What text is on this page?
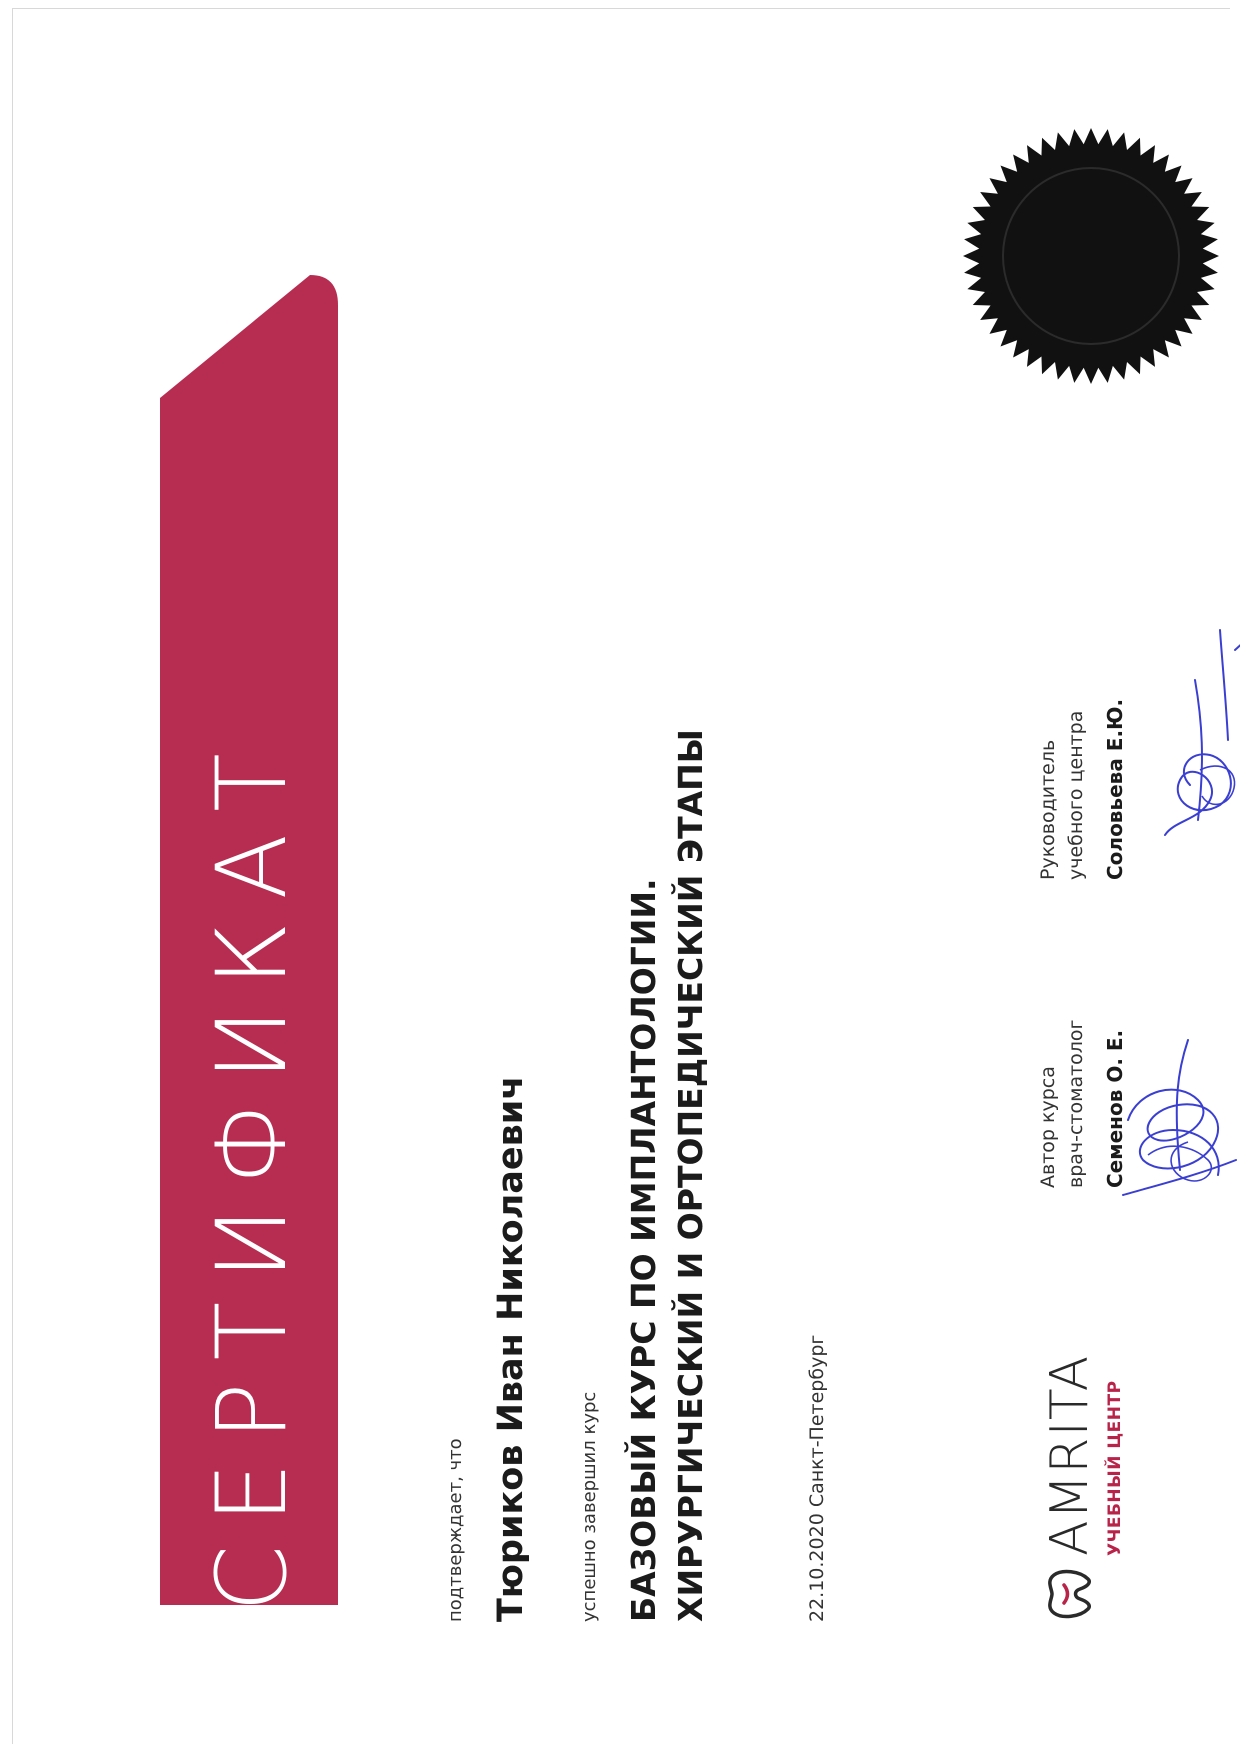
СЕРТИФИКАТ	подтверждает, что Тюриков Иван Николаевич	успешно завершил курс БАЗОВЫЙ КУРС ПО ИМПЛАНТОЛОГИИ. ХИРУРГИЧЕСКИЙ И ОРТОПЕДИЧЕСКИЙ ЭТАПЫ	22.10.2020 Санкт-Петербург	AMRITA УЧЕБНЫЙ ЦЕНТР
Автор курса врач-стоматолог Семенов О. Е.
Руководитель учебного центра Соловьева Е.Ю.
